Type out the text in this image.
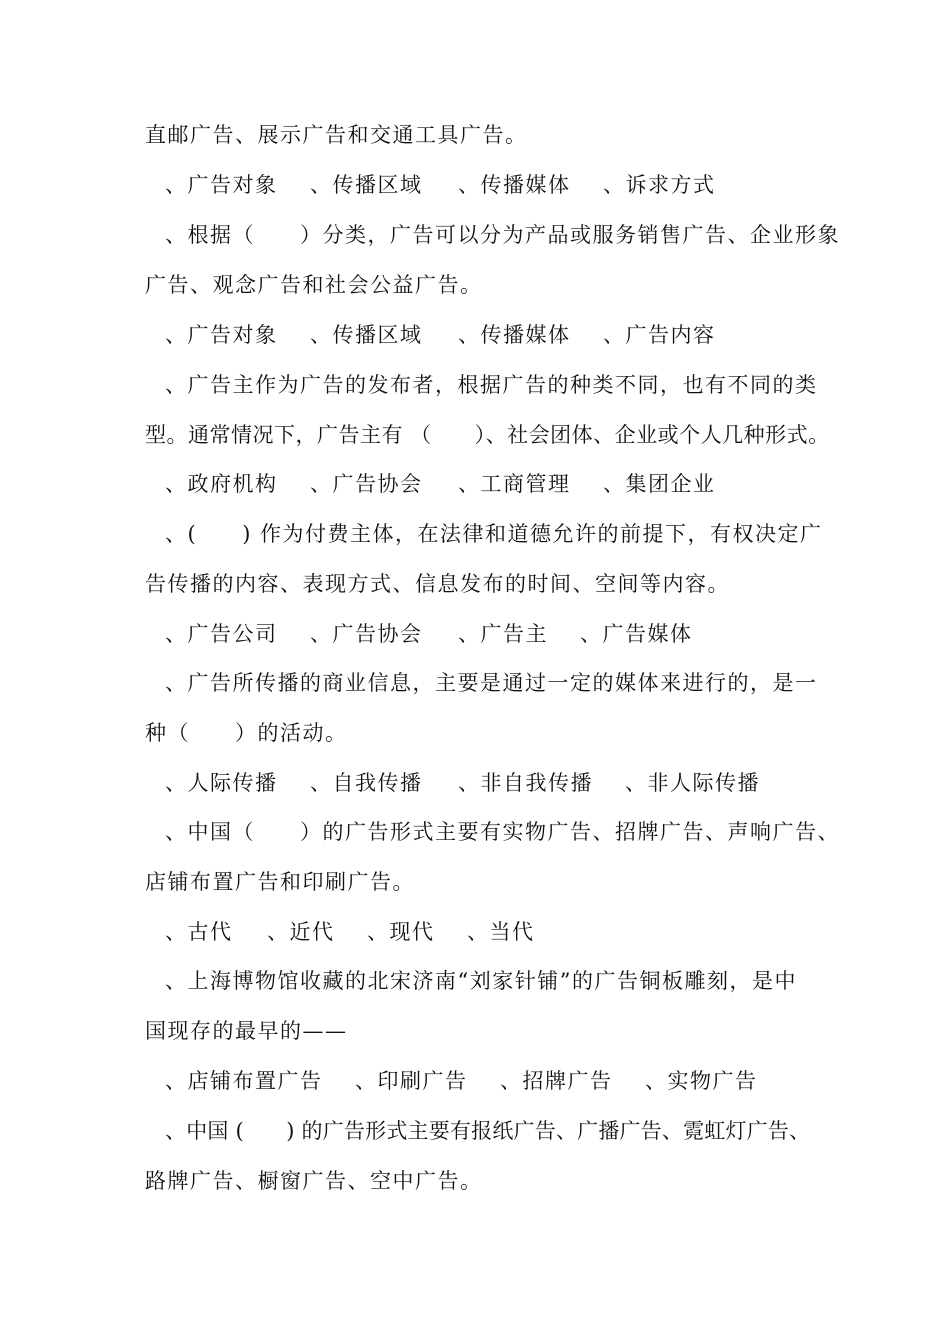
直邮广告、展示广告和交通工具广告。
、广告对象 、传播区域 、传播媒体 、诉求方式
、根据（　　）分类，广告可以分为产品或服务销售广告、企业形象
广告、观念广告和社会公益广告。
、广告对象 、传播区域 、传播媒体 、广告内容
、广告主作为广告的发布者，根据广告的种类不同，也有不同的类
型。通常情况下，广告主有 （　　）、社会团体、企业或个人几种形式。
、政府机构 、广告协会 、工商管理 、集团企业
、(　　) 作为付费主体，在法律和道德允许的前提下，有权决定广
告传播的内容、表现方式、信息发布的时间、空间等内容。
、广告公司 、广告协会 、广告主 、广告媒体
、广告所传播的商业信息，主要是通过一定的媒体来进行的，是一
种（　　）的活动。
、人际传播 、自我传播 、非自我传播 、非人际传播
、中国（　　）的广告形式主要有实物广告、招牌广告、声响广告、
店铺布置广告和印刷广告。
、古代 、近代 、现代 、当代
、上海博物馆收藏的北宋济南“刘家针铺”的广告铜板雕刻，是中
国现存的最早的——
、店铺布置广告 、印刷广告 、招牌广告 、实物广告
、中国 (　　) 的广告形式主要有报纸广告、广播广告、霓虹灯广告、
路牌广告、橱窗广告、空中广告。
